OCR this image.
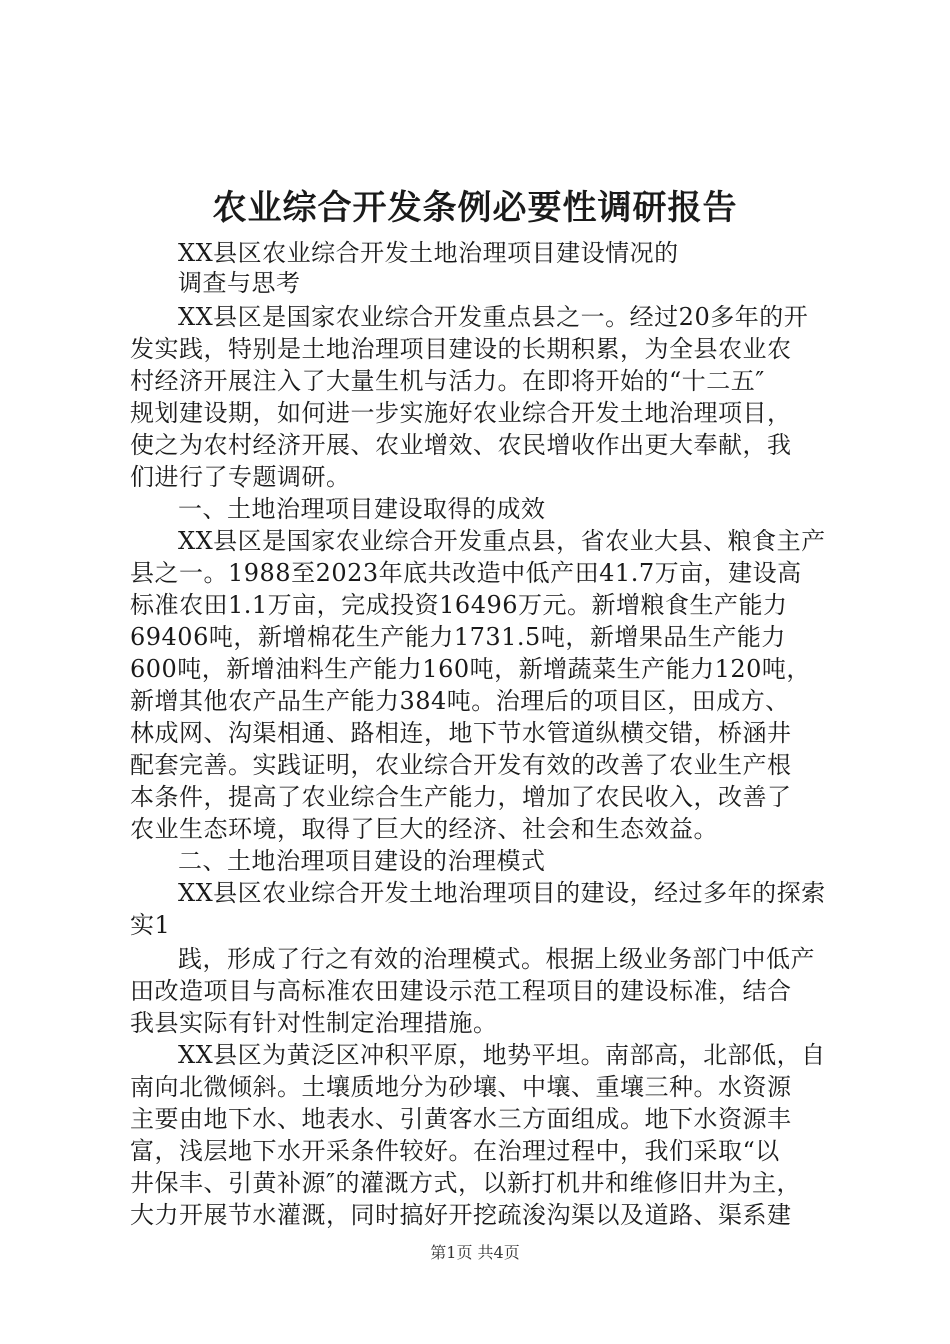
农业综合开发条例必要性调研报告
XX县区农业综合开发土地治理项目建设情况的
调查与思考
XX县区是国家农业综合开发重点县之一。经过20多年的开
发实践，特别是土地治理项目建设的长期积累，为全县农业农
村经济开展注入了大量生机与活力。在即将开始的“十二五″
规划建设期，如何进一步实施好农业综合开发土地治理项目，
使之为农村经济开展、农业增效、农民增收作出更大奉献，我
们进行了专题调研。
一、土地治理项目建设取得的成效
XX县区是国家农业综合开发重点县，省农业大县、粮食主产
县之一。1988至2023年底共改造中低产田41.7万亩，建设高
标准农田1.1万亩，完成投资16496万元。新增粮食生产能力
69406吨，新增棉花生产能力1731.5吨，新增果品生产能力
600吨，新增油料生产能力160吨，新增蔬菜生产能力120吨，
新增其他农产品生产能力384吨。治理后的项目区，田成方、
林成网、沟渠相通、路相连，地下节水管道纵横交错，桥涵井
配套完善。实践证明，农业综合开发有效的改善了农业生产根
本条件，提高了农业综合生产能力，增加了农民收入，改善了
农业生态环境，取得了巨大的经济、社会和生态效益。
二、土地治理项目建设的治理模式
XX县区农业综合开发土地治理项目的建设，经过多年的探索
实1
践，形成了行之有效的治理模式。根据上级业务部门中低产
田改造项目与高标准农田建设示范工程项目的建设标准，结合
我县实际有针对性制定治理措施。
XX县区为黄泛区冲积平原，地势平坦。南部高，北部低，自
南向北微倾斜。土壤质地分为砂壤、中壤、重壤三种。水资源
主要由地下水、地表水、引黄客水三方面组成。地下水资源丰
富，浅层地下水开采条件较好。在治理过程中，我们采取“以
井保丰、引黄补源″的灌溉方式，以新打机井和维修旧井为主，
大力开展节水灌溉，同时搞好开挖疏浚沟渠以及道路、渠系建
第1页 共4页
